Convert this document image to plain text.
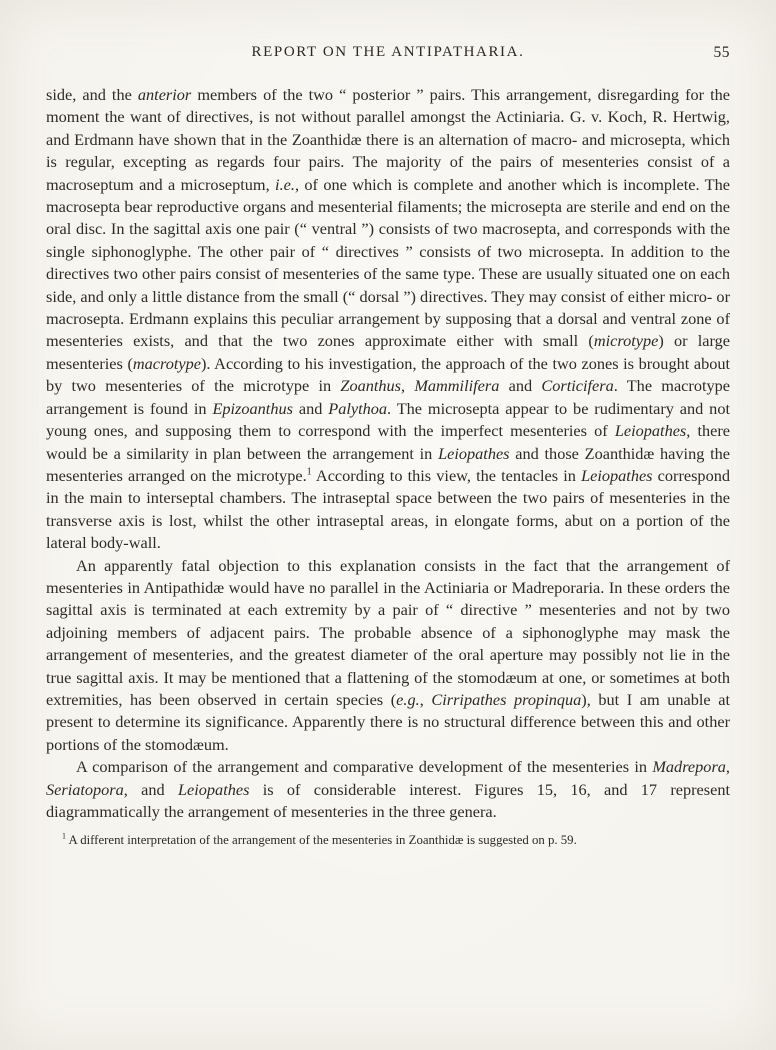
REPORT ON THE ANTIPATHARIA.	55

side, and the anterior members of the two “ posterior ” pairs. This arrangement, disregarding for the moment the want of directives, is not without parallel amongst the Actiniaria. G. v. Koch, R. Hertwig, and Erdmann have shown that in the Zoanthidæ there is an alternation of macro- and microsepta, which is regular, excepting as regards four pairs. The majority of the pairs of mesenteries consist of a macroseptum and a microseptum, i.e., of one which is complete and another which is incomplete. The macrosepta bear reproductive organs and mesenterial filaments; the microsepta are sterile and end on the oral disc. In the sagittal axis one pair (“ ventral ”) consists of two macrosepta, and corresponds with the single siphonoglyphe. The other pair of “ directives ” consists of two microsepta. In addition to the directives two other pairs consist of mesenteries of the same type. These are usually situated one on each side, and only a little distance from the small (“ dorsal ”) directives. They may consist of either micro- or macrosepta. Erdmann explains this peculiar arrangement by supposing that a dorsal and ventral zone of mesenteries exists, and that the two zones approximate either with small (microtype) or large mesenteries (macrotype). According to his investigation, the approach of the two zones is brought about by two mesenteries of the microtype in Zoanthus, Mammilifera and Corticifera. The macrotype arrangement is found in Epizoanthus and Palythoa. The microsepta appear to be rudimentary and not young ones, and supposing them to correspond with the imperfect mesenteries of Leiopathes, there would be a similarity in plan between the arrangement in Leiopathes and those Zoanthidæ having the mesenteries arranged on the microtype.$^1$ According to this view, the tentacles in Leiopathes correspond in the main to interseptal chambers. The intraseptal space between the two pairs of mesenteries in the transverse axis is lost, whilst the other intraseptal areas, in elongate forms, abut on a portion of the lateral body-wall.

An apparently fatal objection to this explanation consists in the fact that the arrangement of mesenteries in Antipathidæ would have no parallel in the Actiniaria or Madreporaria. In these orders the sagittal axis is terminated at each extremity by a pair of “ directive ” mesenteries and not by two adjoining members of adjacent pairs. The probable absence of a siphonoglyphe may mask the arrangement of mesenteries, and the greatest diameter of the oral aperture may possibly not lie in the true sagittal axis. It may be mentioned that a flattening of the stomodæum at one, or sometimes at both extremities, has been observed in certain species (e.g., Cirripathes propinqua), but I am unable at present to determine its significance. Apparently there is no structural difference between this and other portions of the stomodæum.

A comparison of the arrangement and comparative development of the mesenteries in Madrepora, Seriatopora, and Leiopathes is of considerable interest. Figures 15, 16, and 17 represent diagrammatically the arrangement of mesenteries in the three genera.

$^1$ A different interpretation of the arrangement of the mesenteries in Zoanthidæ is suggested on p. 59.
